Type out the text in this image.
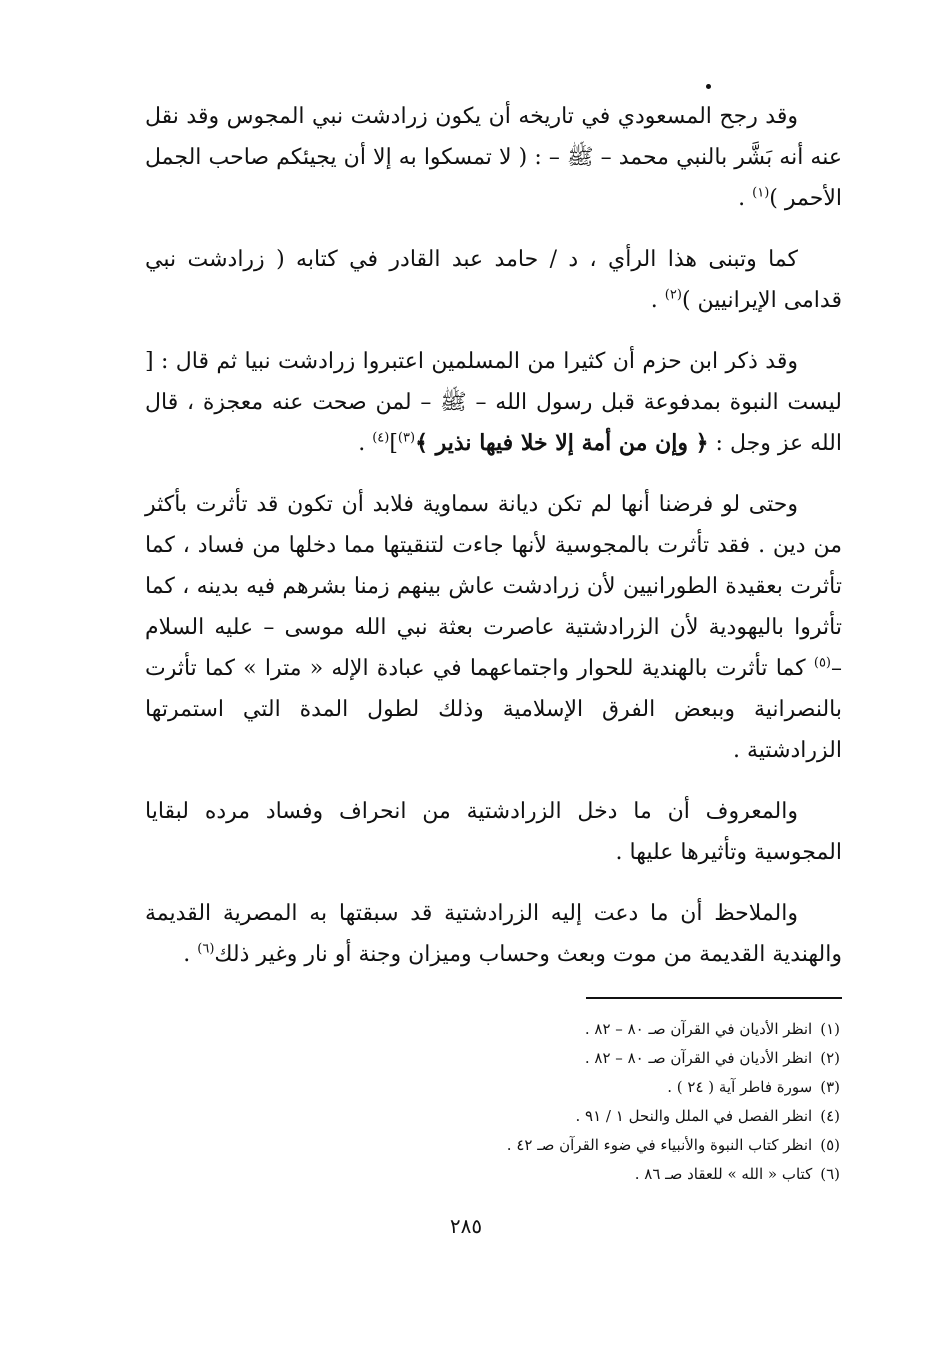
وقد رجح المسعودي في تاريخه أن يكون زرادشت نبي المجوس وقد نقل عنه أنه بَشَّر بالنبي محمد – ﷺ – : ( لا تمسكوا به إلا أن يجيئكم صاحب الجمل الأحمر )$^{(١)}$ .

كما وتبنى هذا الرأي ، د / حامد عبد القادر في كتابه ( زرادشت نبي قدامى الإيرانيين )$^{(٢)}$ .

وقد ذكر ابن حزم أن كثيرا من المسلمين اعتبروا زرادشت نبيا ثم قال : [ ليست النبوة بمدفوعة قبل رسول الله – ﷺ – لمن صحت عنه معجزة ، قال الله عز وجل : ﴿ وإن من أمة إلا خلا فيها نذير ﴾$^{(٣)}$]$^{(٤)}$ .

وحتى لو فرضنا أنها لم تكن ديانة سماوية فلابد أن تكون قد تأثرت بأكثر من دين . فقد تأثرت بالمجوسية لأنها جاءت لتنقيتها مما دخلها من فساد ، كما تأثرت بعقيدة الطورانيين لأن زرادشت عاش بينهم زمنا بشرهم فيه بدينه ، كما تأثروا باليهودية لأن الزرادشتية عاصرت بعثة نبي الله موسى – عليه السلام –$^{(٥)}$ كما تأثرت بالهندية للحوار واجتماعهما في عبادة الإله « مترا » كما تأثرت بالنصرانية وببعض الفرق الإسلامية وذلك لطول المدة التي استمرتها الزرادشتية .

والمعروف أن ما دخل الزرادشتية من انحراف وفساد مرده لبقايا المجوسية وتأثيرها عليها .

والملاحظ أن ما دعت إليه الزرادشتية قد سبقتها به المصرية القديمة والهندية القديمة من موت وبعث وحساب وميزان وجنة أو نار وغير ذلك$^{(٦)}$ .

(١)انظر الأديان في القرآن صـ ٨٠ – ٨٢ .
(٢)انظر الأديان في القرآن صـ ٨٠ – ٨٢ .
(٣)سورة فاطر آية ( ٢٤ ) .
(٤)انظر الفصل في الملل والنحل ١ / ٩١ .
(٥)انظر كتاب النبوة والأنبياء في ضوء القرآن صـ ٤٢ .
(٦)كتاب « الله » للعقاد صـ ٨٦ .
٢٨٥
